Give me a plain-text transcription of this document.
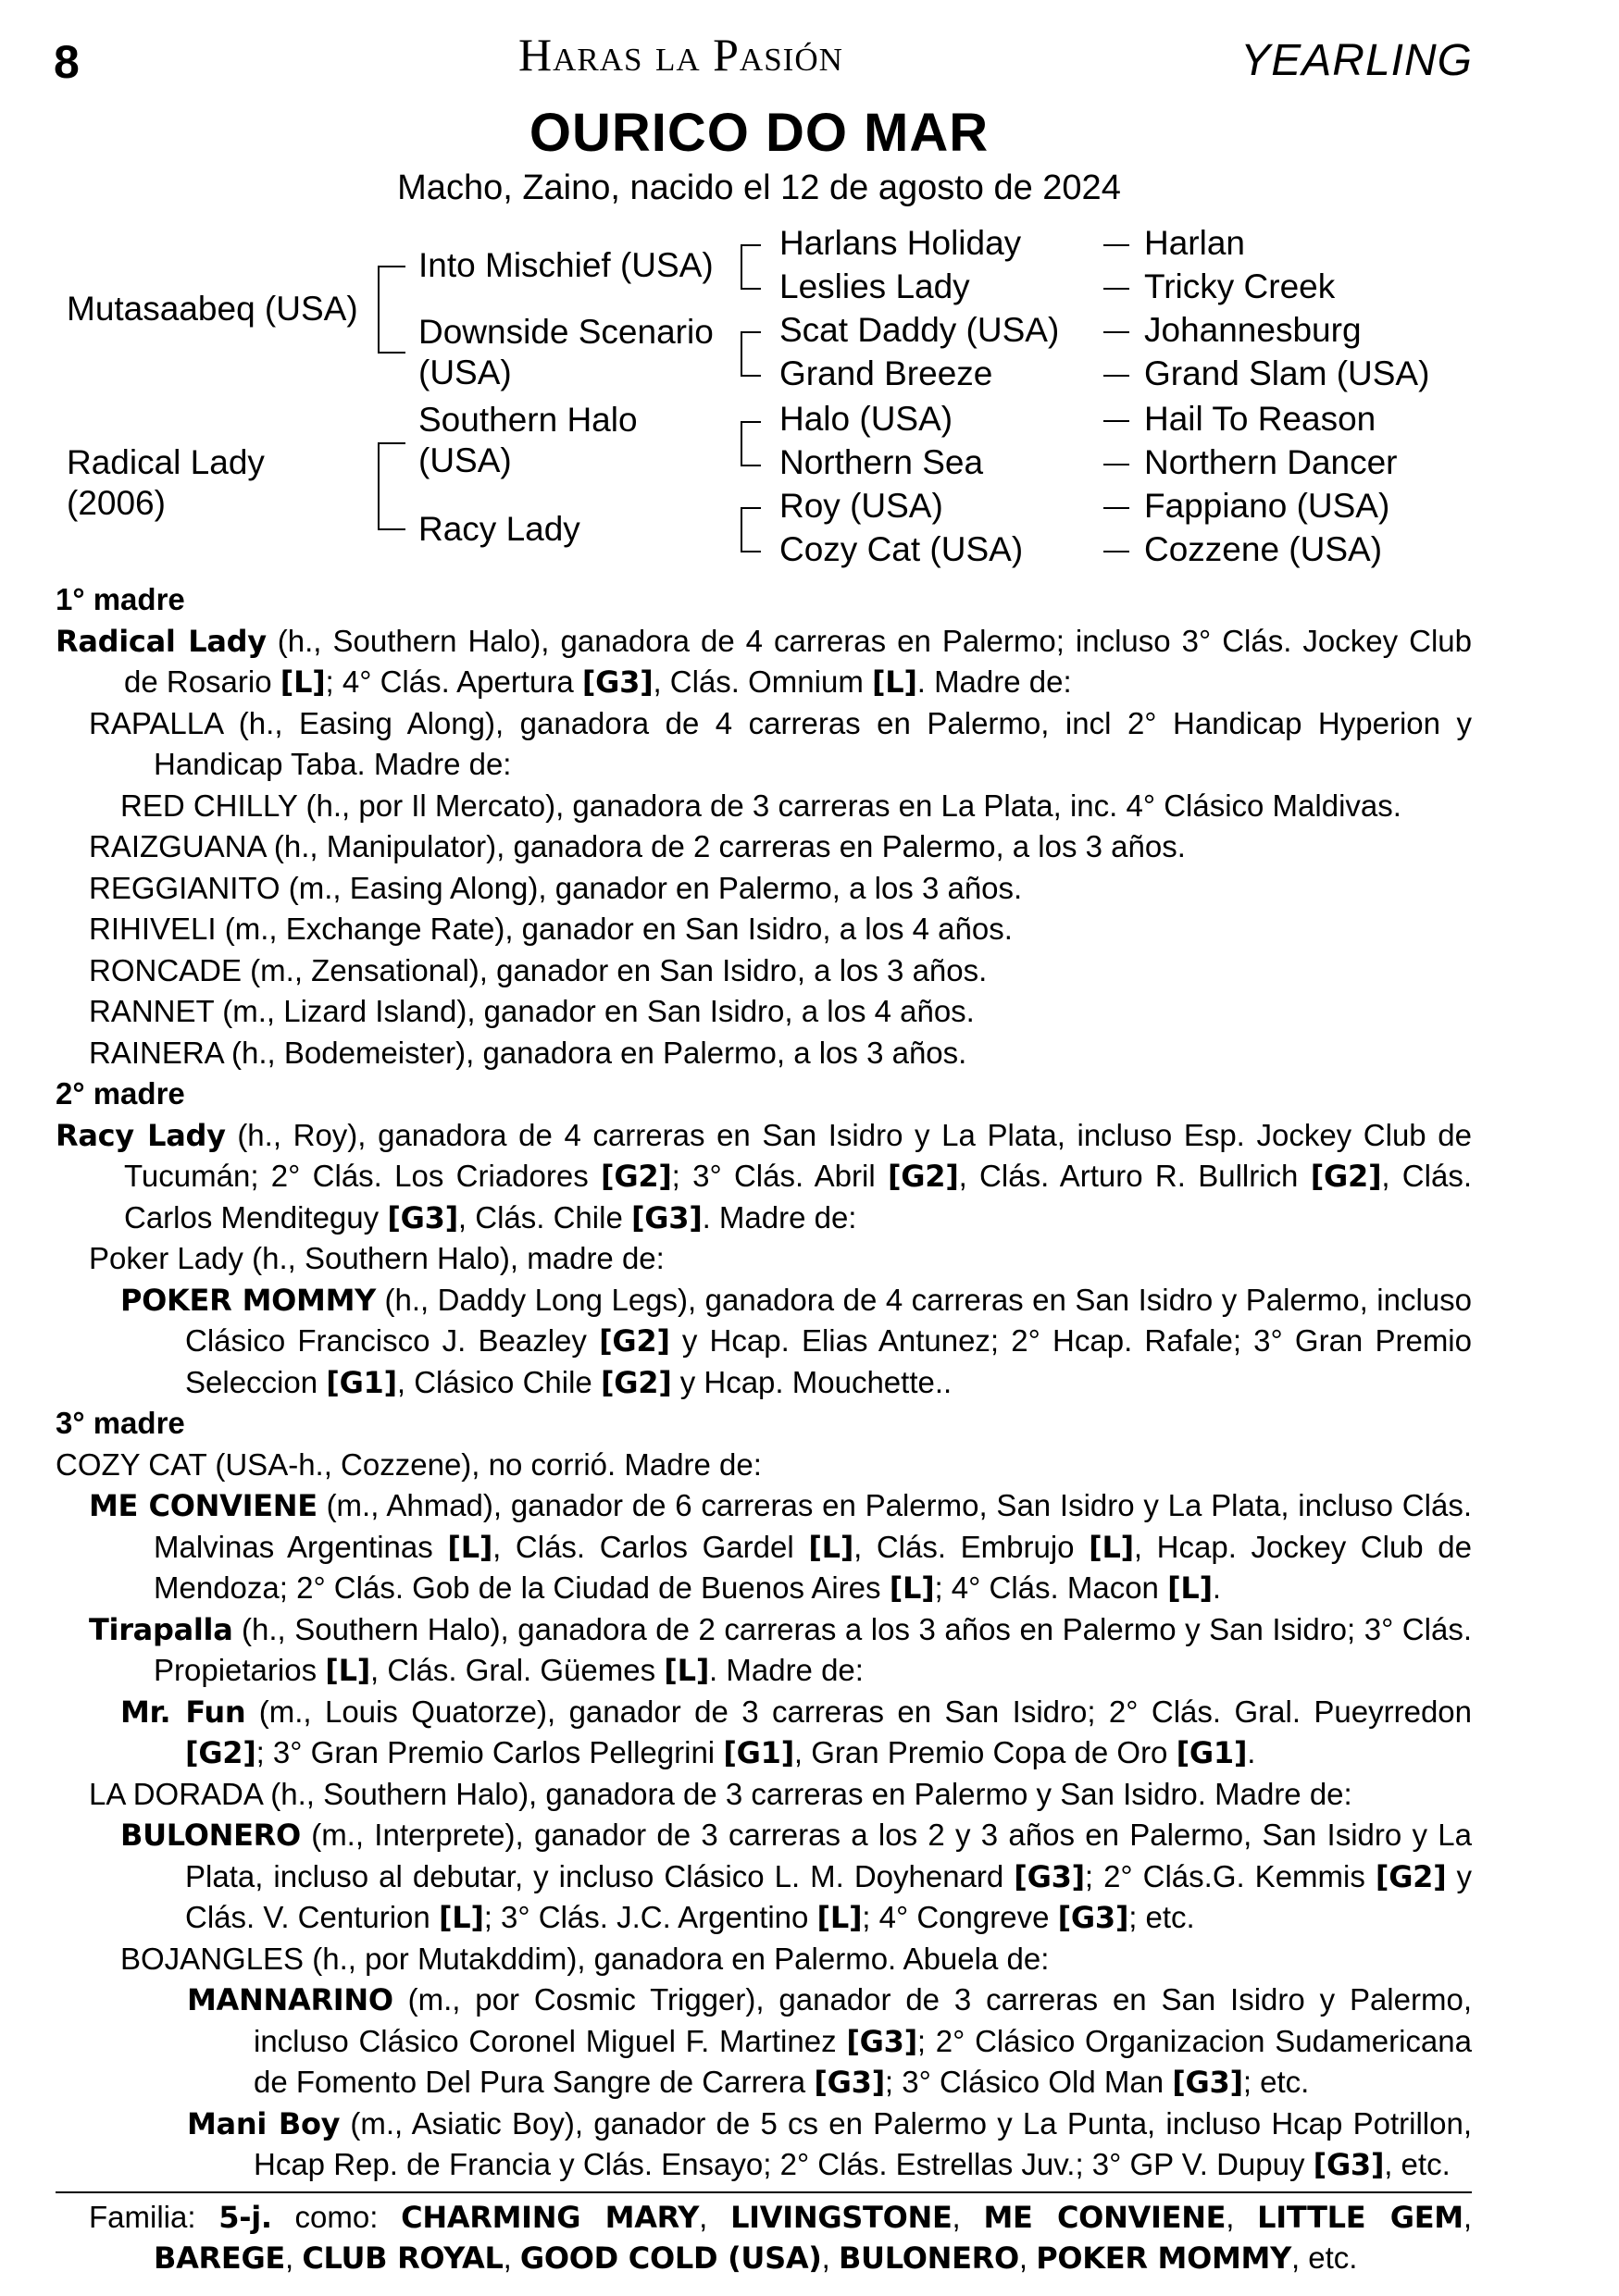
8	Haras la Pasión	YEARLING
OURICO DO MAR
Macho, Zaino, nacido el 12 de agosto de 2024
Mutasaabeq (USA)
Radical Lady
(2006)
Into Mischief (USA)
Downside Scenario (USA)
Southern Halo (USA)
Racy Lady
Harlans Holiday
Leslies Lady
Scat Daddy (USA)
Grand Breeze
Halo (USA)
Northern Sea
Roy (USA)
Cozy Cat (USA)
Harlan
Tricky Creek
Johannesburg
Grand Slam (USA)
Hail To Reason
Northern Dancer
Fappiano (USA)
Cozzene (USA)

1° madre

Radical Lady (h., Southern Halo), ganadora de 4 carreras en Palermo; incluso 3° Clás. Jockey Club de Rosario [L]; 4° Clás. Apertura [G3], Clás. Omnium [L]. Madre de:

RAPALLA (h., Easing Along), ganadora de 4 carreras en Palermo, incl 2° Handicap Hyperion y Handicap Taba. Madre de:

RED CHILLY (h., por Il Mercato), ganadora de 3 carreras en La Plata, inc. 4° Clásico Maldivas.

RAIZGUANA (h., Manipulator), ganadora de 2 carreras en Palermo, a los 3 años.

REGGIANITO (m., Easing Along), ganador en Palermo, a los 3 años.

RIHIVELI (m., Exchange Rate), ganador en San Isidro, a los 4 años.

RONCADE (m., Zensational), ganador en San Isidro, a los 3 años.

RANNET (m., Lizard Island), ganador en San Isidro, a los 4 años.

RAINERA (h., Bodemeister), ganadora en Palermo, a los 3 años.

2° madre

Racy Lady (h., Roy), ganadora de 4 carreras en San Isidro y La Plata, incluso Esp. Jockey Club de Tucumán; 2° Clás. Los Criadores [G2]; 3° Clás. Abril [G2], Clás. Arturo R. Bullrich [G2], Clás. Carlos Menditeguy [G3], Clás. Chile [G3]. Madre de:

Poker Lady (h., Southern Halo), madre de:

POKER MOMMY (h., Daddy Long Legs), ganadora de 4 carreras en San Isidro y Palermo, incluso Clásico Francisco J. Beazley [G2] y Hcap. Elias Antunez; 2° Hcap. Rafale; 3° Gran Premio Seleccion [G1], Clásico Chile [G2] y Hcap. Mouchette..

3° madre

COZY CAT (USA-h., Cozzene), no corrió. Madre de:

ME CONVIENE (m., Ahmad), ganador de 6 carreras en Palermo, San Isidro y La Plata, incluso Clás. Malvinas Argentinas [L], Clás. Carlos Gardel [L], Clás. Embrujo [L], Hcap. Jockey Club de Mendoza; 2° Clás. Gob de la Ciudad de Buenos Aires [L]; 4° Clás. Macon [L].

Tirapalla (h., Southern Halo), ganadora de 2 carreras a los 3 años en Palermo y San Isidro; 3° Clás. Propietarios [L], Clás. Gral. Güemes [L]. Madre de:

Mr. Fun (m., Louis Quatorze), ganador de 3 carreras en San Isidro; 2° Clás. Gral. Pueyrredon [G2]; 3° Gran Premio Carlos Pellegrini [G1], Gran Premio Copa de Oro [G1].

LA DORADA (h., Southern Halo), ganadora de 3 carreras en Palermo y San Isidro. Madre de:

BULONERO (m., Interprete), ganador de 3 carreras a los 2 y 3 años en Palermo, San Isidro y La Plata, incluso al debutar, y incluso Clásico L. M. Doyhenard [G3]; 2° Clás.G. Kemmis [G2] y Clás. V. Centurion [L]; 3° Clás. J.C. Argentino [L]; 4° Congreve [G3]; etc.

BOJANGLES (h., por Mutakddim), ganadora en Palermo. Abuela de:

MANNARINO (m., por Cosmic Trigger), ganador de 3 carreras en San Isidro y Palermo, incluso Clásico Coronel Miguel F. Martinez [G3]; 2° Clásico Organizacion Sudamericana de Fomento Del Pura Sangre de Carrera [G3]; 3° Clásico Old Man [G3]; etc.

Mani Boy (m., Asiatic Boy), ganador de 5 cs en Palermo y La Punta, incluso Hcap Potrillon, Hcap Rep. de Francia y Clás. Ensayo; 2° Clás. Estrellas Juv.; 3° GP V. Dupuy [G3], etc.

Familia: 5-j. como: CHARMING MARY, LIVINGSTONE, ME CONVIENE, LITTLE GEM, BAREGE, CLUB ROYAL, GOOD COLD (USA), BULONERO, POKER MOMMY, etc.
